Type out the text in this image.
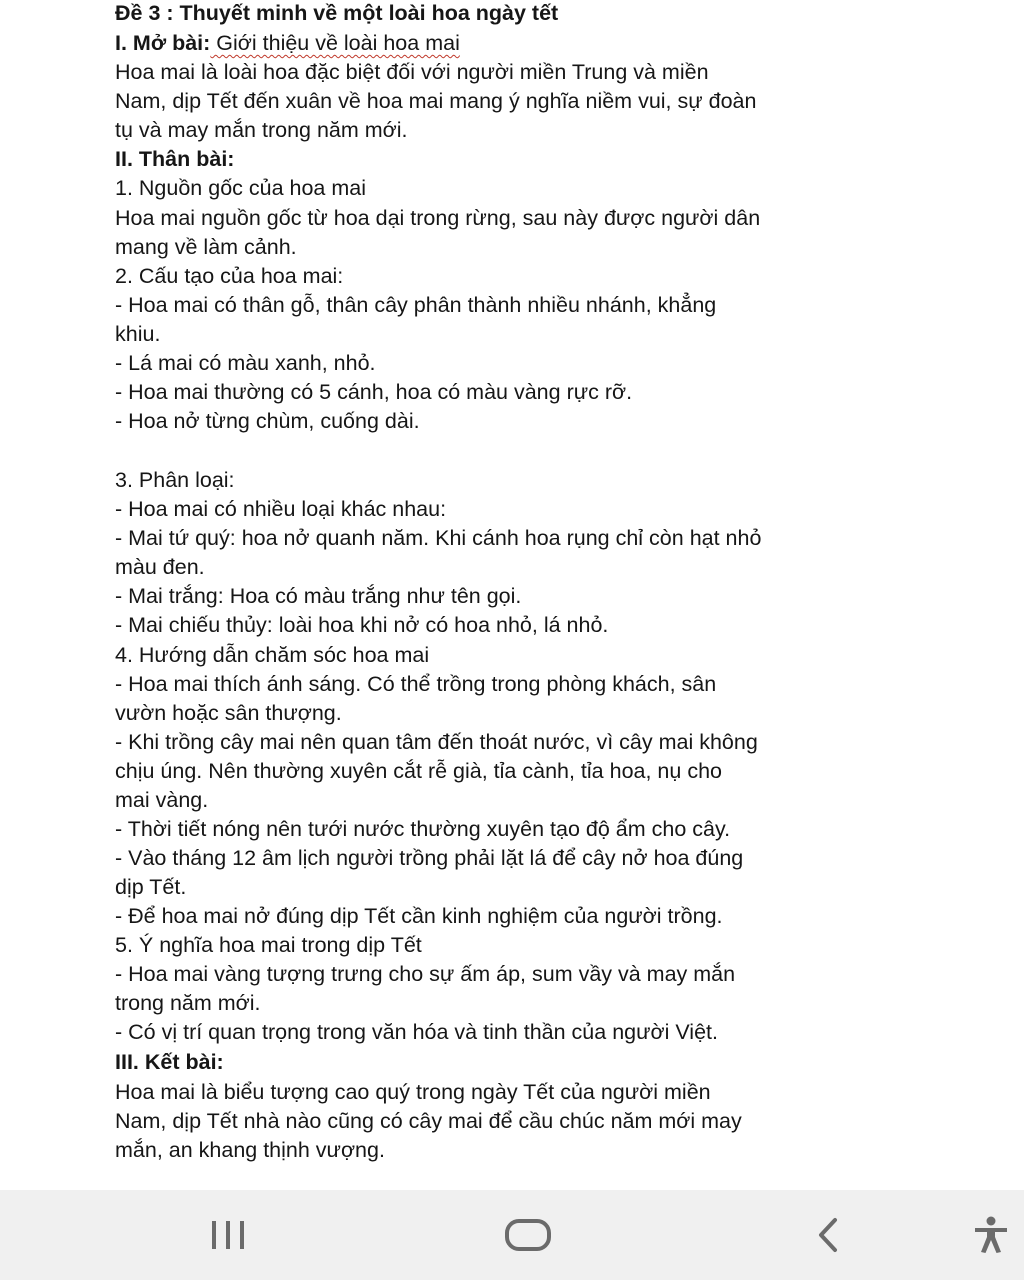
Đề 3 : Thuyết minh về một loài hoa ngày tết
I. Mở bài: Giới thiệu về loài hoa mai
Hoa mai là loài hoa đặc biệt đối với người miền Trung và miền
Nam, dịp Tết đến xuân về hoa mai mang ý nghĩa niềm vui, sự đoàn
tụ và may mắn trong năm mới.
II. Thân bài:
1. Nguồn gốc của hoa mai
Hoa mai nguồn gốc từ hoa dại trong rừng, sau này được người dân
mang về làm cảnh.
2. Cấu tạo của hoa mai:
- Hoa mai có thân gỗ, thân cây phân thành nhiều nhánh, khẳng
khiu.
- Lá mai có màu xanh, nhỏ.
- Hoa mai thường có 5 cánh, hoa có màu vàng rực rỡ.
- Hoa nở từng chùm, cuống dài.
3. Phân loại:
- Hoa mai có nhiều loại khác nhau:
- Mai tứ quý: hoa nở quanh năm. Khi cánh hoa rụng chỉ còn hạt nhỏ
màu đen.
- Mai trắng: Hoa có màu trắng như tên gọi.
- Mai chiếu thủy: loài hoa khi nở có hoa nhỏ, lá nhỏ.
4. Hướng dẫn chăm sóc hoa mai
- Hoa mai thích ánh sáng. Có thể trồng trong phòng khách, sân
vườn hoặc sân thượng.
- Khi trồng cây mai nên quan tâm đến thoát nước, vì cây mai không
chịu úng. Nên thường xuyên cắt rễ già, tỉa cành, tỉa hoa, nụ cho
mai vàng.
- Thời tiết nóng nên tưới nước thường xuyên tạo độ ẩm cho cây.
- Vào tháng 12 âm lịch người trồng phải lặt lá để cây nở hoa đúng
dịp Tết.
- Để hoa mai nở đúng dịp Tết cần kinh nghiệm của người trồng.
5. Ý nghĩa hoa mai trong dịp Tết
- Hoa mai vàng tượng trưng cho sự ấm áp, sum vầy và may mắn
trong năm mới.
- Có vị trí quan trọng trong văn hóa và tinh thần của người Việt.
III. Kết bài:
Hoa mai là biểu tượng cao quý trong ngày Tết của người miền
Nam, dịp Tết nhà nào cũng có cây mai để cầu chúc năm mới may
mắn, an khang thịnh vượng.
